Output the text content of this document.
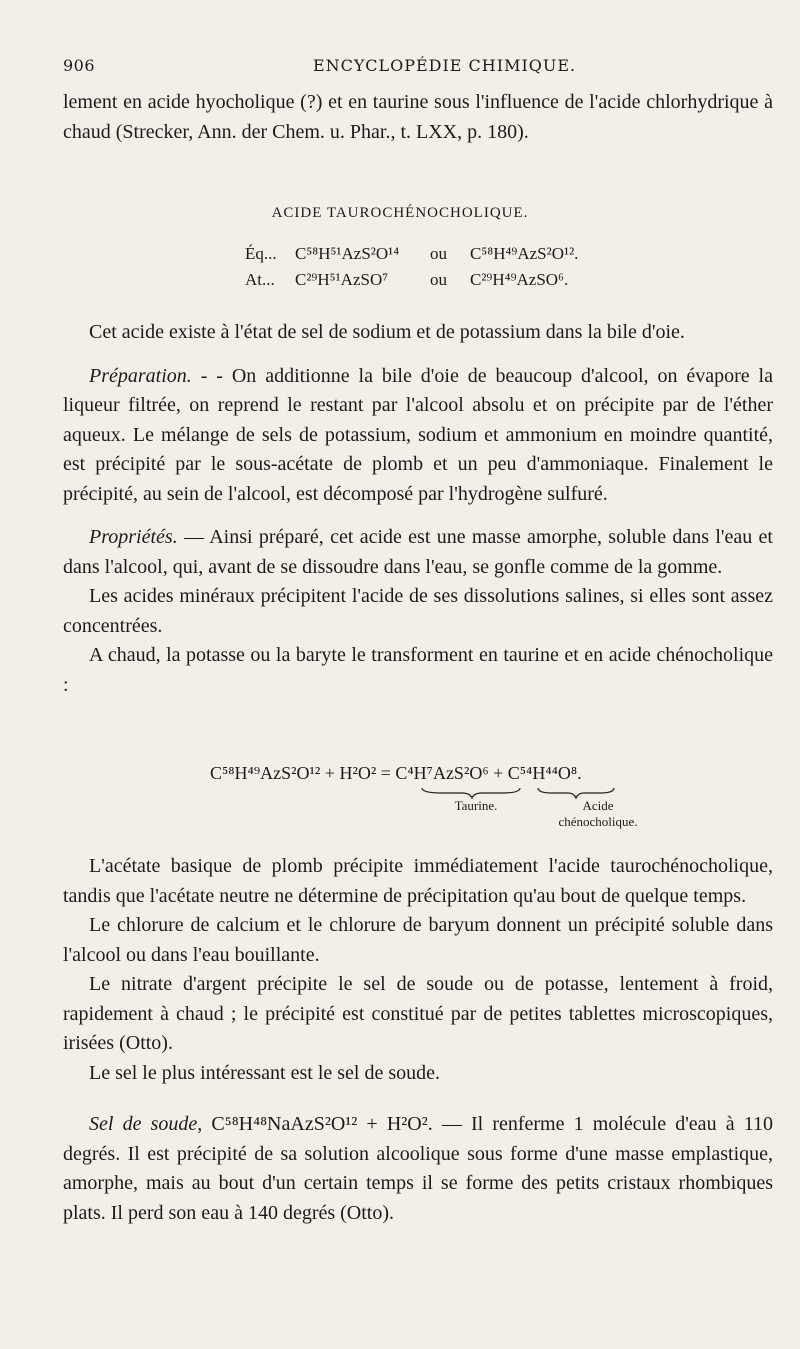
906	ENCYCLOPÉDIE CHIMIQUE.

lement en acide hyocholique (?) et en taurine sous l'influence de l'acide chlorhydrique à chaud (Strecker, Ann. der Chem. u. Phar., t. LXX, p. 180).

ACIDE TAUROCHÉNOCHOLIQUE.
Éq... C⁵⁸H⁵¹AzS²O¹⁴ ou C⁵⁸H⁴⁹AzS²O¹².
At... C²⁹H⁵¹AzSO⁷ ou C²⁹H⁴⁹AzSO⁶.

Cet acide existe à l'état de sel de sodium et de potassium dans la bile d'oie.

Préparation. - - On additionne la bile d'oie de beaucoup d'alcool, on évapore la liqueur filtrée, on reprend le restant par l'alcool absolu et on précipite par de l'éther aqueux. Le mélange de sels de potassium, sodium et ammonium en moindre quantité, est précipité par le sous-acétate de plomb et un peu d'ammoniaque. Finalement le précipité, au sein de l'alcool, est décomposé par l'hydrogène sulfuré.

Propriétés. — Ainsi préparé, cet acide est une masse amorphe, soluble dans l'eau et dans l'alcool, qui, avant de se dissoudre dans l'eau, se gonfle comme de la gomme.

Les acides minéraux précipitent l'acide de ses dissolutions salines, si elles sont assez concentrées.

A chaud, la potasse ou la baryte le transforment en taurine et en acide chénocholique :

C⁵⁸H⁴⁹AzS²O¹² + H²O² = C⁴H⁷AzS²O⁶ + C⁵⁴H⁴⁴O⁸.
Taurine.	Acide
chénocholique.

L'acétate basique de plomb précipite immédiatement l'acide taurochénocholique, tandis que l'acétate neutre ne détermine de précipitation qu'au bout de quelque temps.

Le chlorure de calcium et le chlorure de baryum donnent un précipité soluble dans l'alcool ou dans l'eau bouillante.

Le nitrate d'argent précipite le sel de soude ou de potasse, lentement à froid, rapidement à chaud ; le précipité est constitué par de petites tablettes microscopiques, irisées (Otto).

Le sel le plus intéressant est le sel de soude.

Sel de soude, C⁵⁸H⁴⁸NaAzS²O¹² + H²O². — Il renferme 1 molécule d'eau à 110 degrés. Il est précipité de sa solution alcoolique sous forme d'une masse emplastique, amorphe, mais au bout d'un certain temps il se forme des petits cristaux rhombiques plats. Il perd son eau à 140 degrés (Otto).
